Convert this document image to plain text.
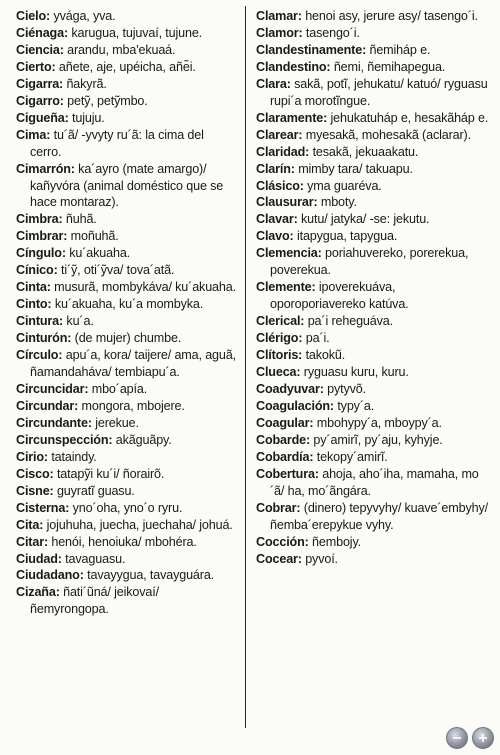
Cielo: yvága, yva.
Ciénaga: karugua, tujuvaí, tujune.
Ciencia: arandu, mba'ekuaá.
Cierto: añete, aje, upéicha, añe͂i.
Cigarra: ñakyrã.
Cigarro: petỹ, petỹmbo.
Cigueña: tujuju.
Cima: tu´ã/ -yvyty ru´ã: la cima del cerro.
Cimarrón: ka´ayro (mate amargo)/ kañyvóra (animal doméstico que se hace montaraz).
Cimbra: ñuhã.
Cimbrar: moñuhã.
Cíngulo: ku´akuaha.
Cínico: ti´ỹ, oti´ỹva/ tova´atã.
Cinta: musurã, mombykáva/ ku´akuaha.
Cinto: ku´akuaha, ku´a mombyka.
Cintura: ku´a.
Cinturón: (de mujer) chumbe.
Círculo: apu´a, kora/ taijere/ ama, aguã, ñamandaháva/ tembiapu´a.
Circuncidar: mbo´apía.
Circundar: mongora, mbojere.
Circundante: jerekue.
Circunspección: akãguãpy.
Cirio: tataindy.
Cisco: tatapỹi ku´i/ ñorairõ.
Cisne: guyratĩ guasu.
Cisterna: yno´oha, yno´o ryru.
Cita: jojuhuha, juecha, juechaha/ johuá.
Citar: henói, henoiuka/ mbohéra.
Ciudad: tavaguasu.
Ciudadano: tavayygua, tavayguára.
Cizaña: ñati´ũná/ jeikovaí/ ñemyrongopa.
Clamar: henoi asy, jerure asy/ tasengo´i.
Clamor: tasengo´i.
Clandestinamente: ñemiháp e.
Clandestino: ñemi, ñemihapegua.
Clara: sakã, potĩ, jehukatu/ katuó/ ryguasu rupi´a morotĩngue.
Claramente: jehukatuháp e, hesakãháp e.
Clarear: myesakã, mohesakã (aclarar).
Claridad: tesakã, jekuaakatu.
Clarín: mimby tara/ takuapu.
Clásico: yma guaréva.
Clausurar: mboty.
Clavar: kutu/ jatyka/ -se: jekutu.
Clavo: itapygua, tapygua.
Clemencia: poriahuvereko, porerekua, poverekua.
Clemente: ipoverekuáva, oporoporiavereko katúva.
Clerical: pa´i reheguáva.
Clérigo: pa´i.
Clítoris: takokũ.
Clueca: ryguasu kuru, kuru.
Coadyuvar: pytyvõ.
Coagulación: typy´a.
Coagular: mbohypy´a, mboypy´a.
Cobarde: py´amirĩ, py´aju, kyhyje.
Cobardía: tekopy´amirĩ.
Cobertura: ahoja, aho´iha, mamaha, mo´ã/ ha, mo´ãngára.
Cobrar: (dinero) tepyvyhy/ kuave´embyhy/ ñemba´erepykue vyhy.
Cocción: ñembojy.
Cocear: pyvoí.
